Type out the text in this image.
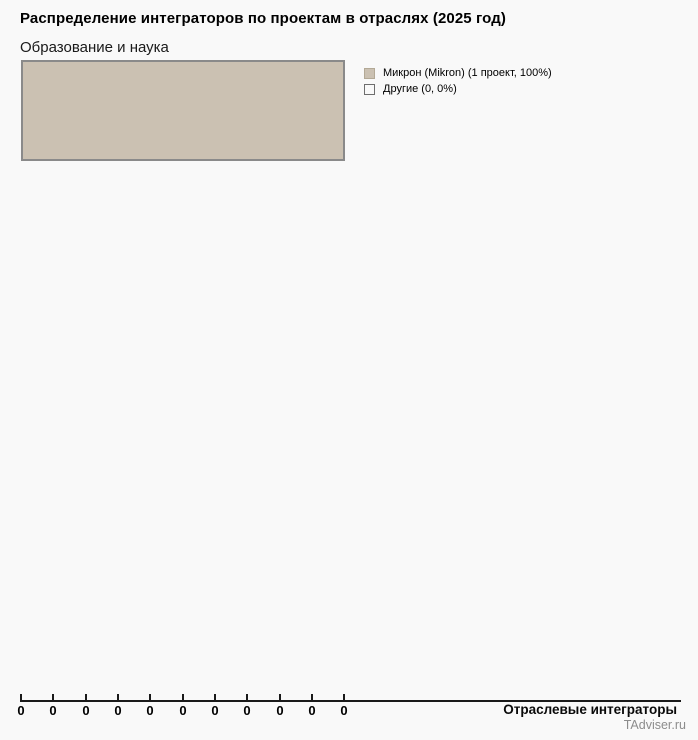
Распределение интеграторов по проектам в отраслях (2025 год)
Образование и наука
Микрон (Mikron) (1 проект, 100%)
Другие (0, 0%)
0 0 0 0 0 0 0 0 0 0 0	Отраслевые интеграторы
TAdviser.ru
